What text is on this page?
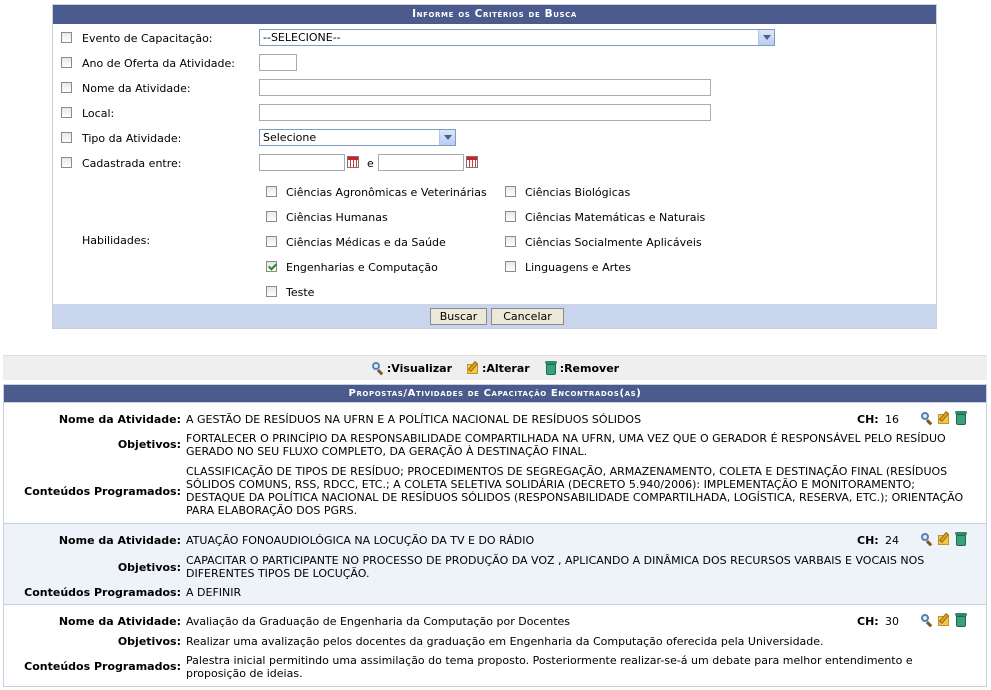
Informe os Critérios de Busca
Evento de Capacitação:	--SELECIONE--
Ano de Oferta da Atividade:
Nome da Atividade:
Local:
Tipo da Atividade:	Selecione
Cadastrada entre:	e
Habilidades:
Ciências Agronômicas e Veterinárias	Ciências Biológicas
Ciências Humanas	Ciências Matemáticas e Naturais
Ciências Médicas e da Saúde	Ciências Socialmente Aplicáveis
Engenharias e Computação	Linguagens e Artes
Teste
Buscar	Cancelar
:Visualizar	:Alterar	:Remover
Propostas/Atividades de Capacitação Encontrados(as)
Nome da Atividade: A GESTÃO DE RESÍDUOS NA UFRN E A POLÍTICA NACIONAL DE RESÍDUOS SÓLIDOS	CH: 16
Objetivos: FORTALECER O PRINCÍPIO DA RESPONSABILIDADE COMPARTILHADA NA UFRN, UMA VEZ QUE O GERADOR É RESPONSÁVEL PELO RESÍDUO GERADO NO SEU FLUXO COMPLETO, DA GERAÇÃO À DESTINAÇÃO FINAL.
Conteúdos Programados:
CLASSIFICAÇÃO DE TIPOS DE RESÍDUO; PROCEDIMENTOS DE SEGREGAÇÃO, ARMAZENAMENTO, COLETA E DESTINAÇÃO FINAL (RESÍDUOS SÓLIDOS COMUNS, RSS, RDCC, ETC.; A COLETA SELETIVA SOLIDÁRIA (DECRETO 5.940/2006): IMPLEMENTAÇÃO E MONITORAMENTO; DESTAQUE DA POLÍTICA NACIONAL DE RESÍDUOS SÓLIDOS (RESPONSABILIDADE COMPARTILHADA, LOGÍSTICA, RESERVA, ETC.); ORIENTAÇÃO PARA ELABORAÇÃO DOS PGRS.
Nome da Atividade: ATUAÇÃO FONOAUDIOLÓGICA NA LOCUÇÃO DA TV E DO RÁDIO	CH: 24
Objetivos:
CAPACITAR O PARTICIPANTE NO PROCESSO DE PRODUÇÃO DA VOZ , APLICANDO A DINÂMICA DOS RECURSOS VARBAIS E VOCAIS NOS DIFERENTES TIPOS DE LOCUÇÃO.
Conteúdos Programados: A DEFINIR
Nome da Atividade: Avaliação da Graduação de Engenharia da Computação por Docentes	CH: 30
Objetivos: Realizar uma avalização pelos docentes da graduação em Engenharia da Computação oferecida pela Universidade.
Conteúdos Programados: Palestra inicial permitindo uma assimilação do tema proposto. Posteriormente realizar-se-á um debate para melhor entendimento e proposição de ideias.
